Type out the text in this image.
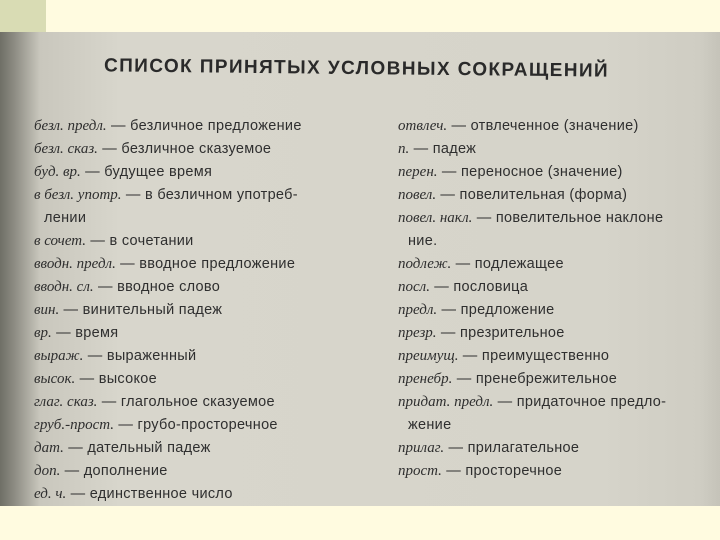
СПИСОК ПРИНЯТЫХ УСЛОВНЫХ СОКРАЩЕНИЙ
безл. предл. — безличное предложение
безл. сказ. — безличное сказуемое
буд. вр. — будущее время
в безл. употр. — в безличном употреб-
лении
в сочет. — в сочетании
вводн. предл. — вводное предложение
вводн. сл. — вводное слово
вин. — винительный падеж
вр. — время
выраж. — выраженный
высок. — высокое
глаг. сказ. — глагольное сказуемое
груб.-прост. — грубо-просторечное
дат. — дательный падеж
доп. — дополнение
ед. ч. — единственное число
отвлеч. — отвлеченное (значение)
п. — падеж
перен. — переносное (значение)
повел. — повелительная (форма)
повел. накл. — повелительное наклоне
ние.
подлеж. — подлежащее
посл. — пословица
предл. — предложение
презр. — презрительное
преимущ. — преимущественно
пренебр. — пренебрежительное
придат. предл. — придаточное предло-
жение
прилаг. — прилагательное
прост. — просторечное
